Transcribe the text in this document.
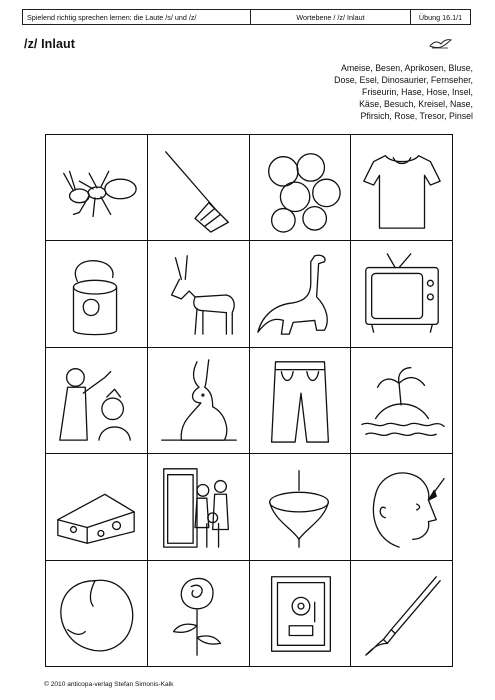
Spielend richtig sprechen lernen: die Laute /s/ und /z/	Wortebene / /z/ Inlaut	Übung 16.1/1
/z/ Inlaut
Ameise, Besen, Aprikosen, Bluse,
Dose, Esel, Dinosaurier, Fernseher,
Friseurin, Hase, Hose, Insel,
Käse, Besuch, Kreisel, Nase,
Pfirsich, Rose, Tresor, Pinsel
© 2010 anticopa-verlag Stefan Simonis-Kalk
